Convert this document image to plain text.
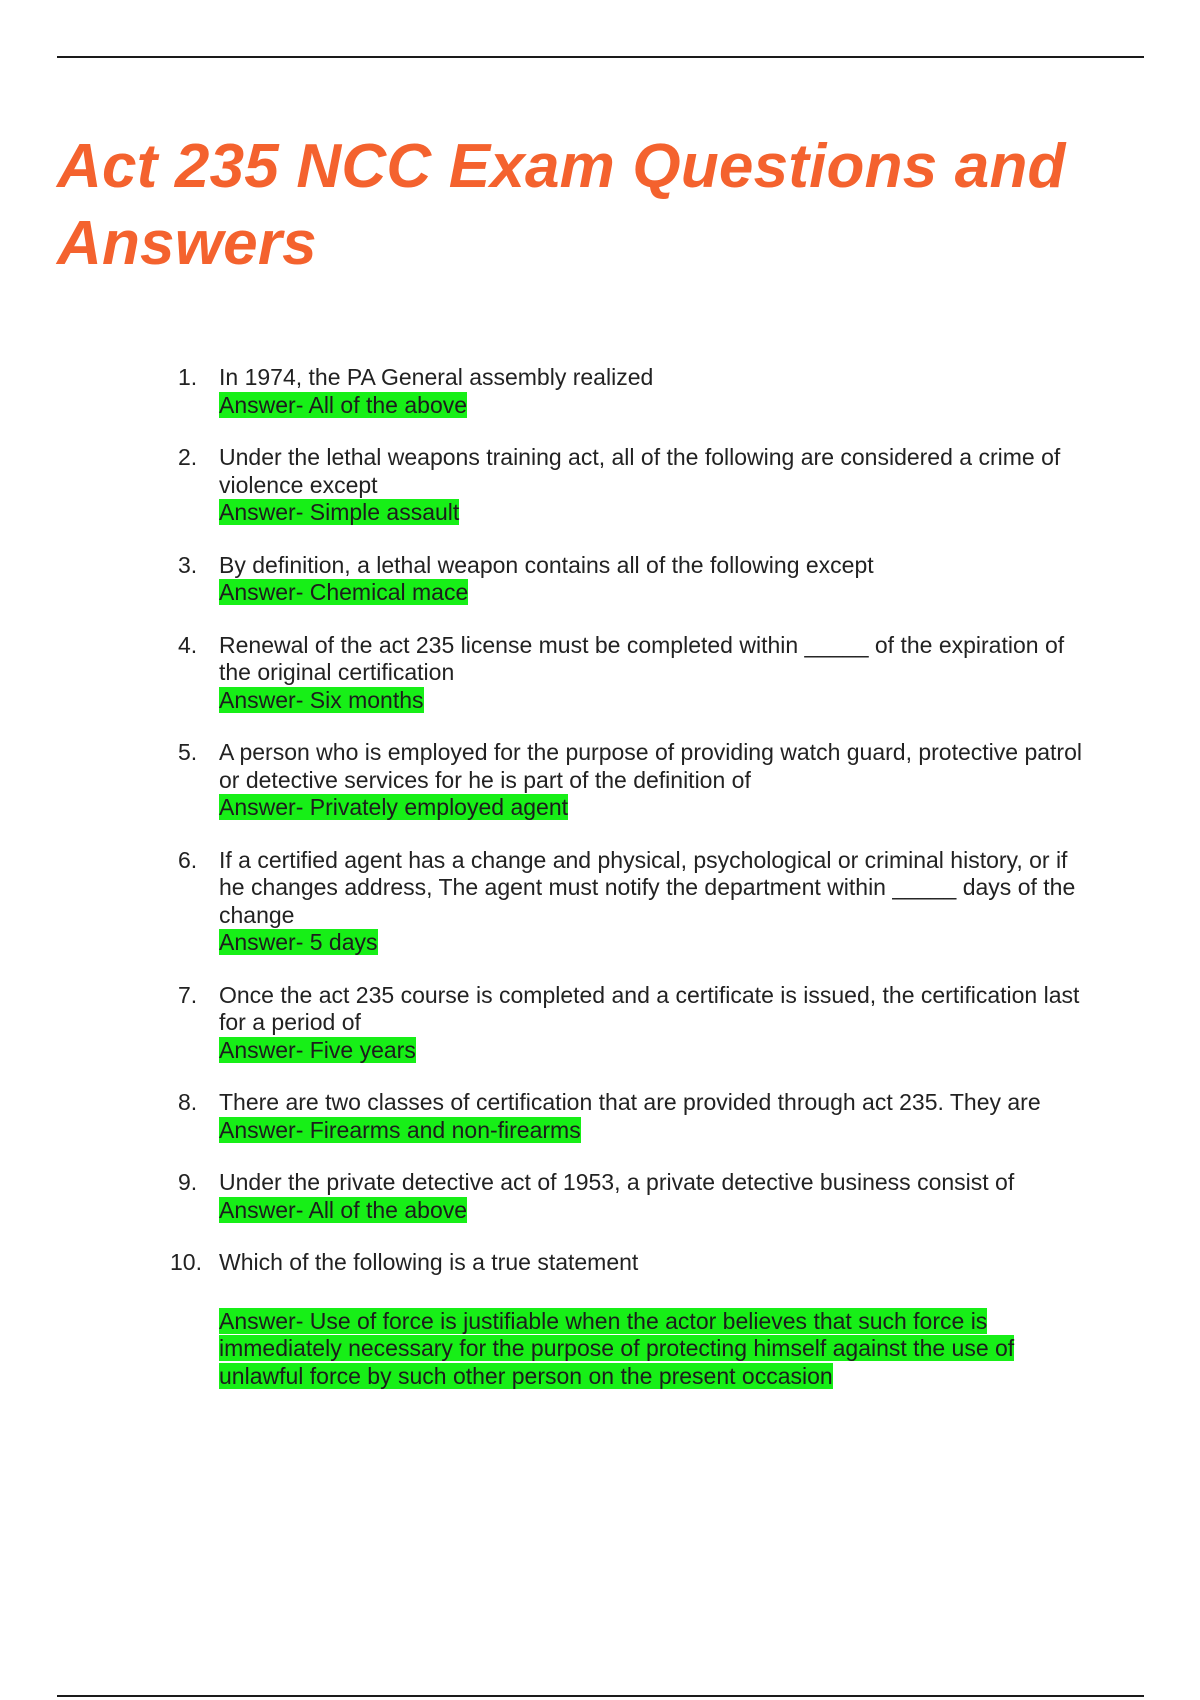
Act 235 NCC Exam Questions and Answers
1. In 1974, the PA General assembly realized
Answer- All of the above
2. Under the lethal weapons training act, all of the following are considered a crime of violence except
Answer- Simple assault
3. By definition, a lethal weapon contains all of the following except
Answer- Chemical mace
4. Renewal of the act 235 license must be completed within _____ of the expiration of the original certification
Answer- Six months
5. A person who is employed for the purpose of providing watch guard, protective patrol or detective services for he is part of the definition of
Answer- Privately employed agent
6. If a certified agent has a change and physical, psychological or criminal history, or if he changes address, The agent must notify the department within _____ days of the change
Answer- 5 days
7. Once the act 235 course is completed and a certificate is issued, the certification last for a period of
Answer- Five years
8. There are two classes of certification that are provided through act 235. They are
Answer- Firearms and non-firearms
9. Under the private detective act of 1953, a private detective business consist of
Answer- All of the above
10. Which of the following is a true statement
Answer- Use of force is justifiable when the actor believes that such force is immediately necessary for the purpose of protecting himself against the use of unlawful force by such other person on the present occasion
